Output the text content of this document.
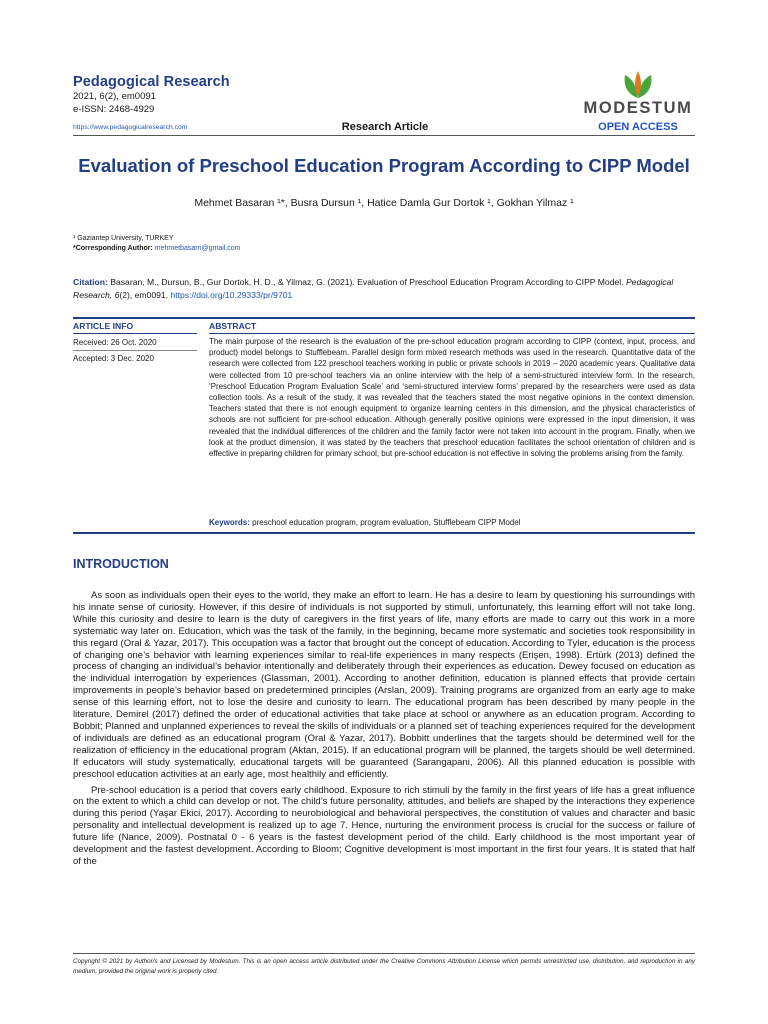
Pedagogical Research
2021, 6(2), em0091
e-ISSN: 2468-4929
https://www.pedagogicalresearch.com	Research Article
MODESTUM
OPEN ACCESS
Evaluation of Preschool Education Program According to CIPP Model
Mehmet Basaran ¹*, Busra Dursun ¹, Hatice Damla Gur Dortok ¹, Gokhan Yilmaz ¹
¹ Gaziantep University, TURKEY
*Corresponding Author: mehmetbasarn@gmail.com
Citation: Basaran, M., Dursun, B., Gur Dortok, H. D., & Yilmaz, G. (2021). Evaluation of Preschool Education Program According to CIPP Model. Pedagogical Research, 6(2), em0091. https://doi.org/10.29333/pr/9701
ARTICLE INFO	ABSTRACT
Received: 26 Oct. 2020
Accepted: 3 Dec. 2020
The main purpose of the research is the evaluation of the pre-school education program according to CIPP (context, input, process, and product) model belongs to Stufflebeam. Parallel design form mixed research methods was used in the research. Quantitative data of the research were collected from 122 preschool teachers working in public or private schools in 2019 – 2020 academic years. Qualitative data were collected from 10 pre-school teachers via an online interview with the help of a semi-structured interview form. In the research, ‘Preschool Education Program Evaluation Scale’ and ‘semi-structured interview forms’ prepared by the researchers were used as data collection tools. As a result of the study, it was revealed that the teachers stated the most negative opinions in the context dimension. Teachers stated that there is not enough equipment to organize learning centers in this dimension, and the physical characteristics of schools are not sufficient for pre-school education. Although generally positive opinions were expressed in the input dimension, it was revealed that the individual differences of the children and the family factor were not taken into account in the program. Finally, when we look at the product dimension, it was stated by the teachers that preschool education facilitates the school orientation of children and is effective in preparing children for primary school, but pre-school education is not effective in solving the problems arising from the family.
Keywords: preschool education program, program evaluation, Stufflebeam CIPP Model
INTRODUCTION

As soon as individuals open their eyes to the world, they make an effort to learn. He has a desire to learn by questioning his surroundings with his innate sense of curiosity. However, if this desire of individuals is not supported by stimuli, unfortunately, this learning effort will not take long. While this curiosity and desire to learn is the duty of caregivers in the first years of life, many efforts are made to carry out this work in a more systematic way later on. Education, which was the task of the family, in the beginning, became more systematic and societies took responsibility in this regard (Oral & Yazar, 2017). This occupation was a factor that brought out the concept of education. According to Tyler, education is the process of changing one’s behavior with learning experiences similar to real-life experiences in many respects (Erişen, 1998). Ertürk (2013) defined the process of changing an individual’s behavior intentionally and deliberately through their experiences as education. Dewey focused on education as the individual interrogation by experiences (Glassman, 2001). According to another definition, education is planned effects that provide certain improvements in people’s behavior based on predetermined principles (Arslan, 2009). Training programs are organized from an early age to make sense of this learning effort, not to lose the desire and curiosity to learn. The educational program has been described by many people in the literature. Demirel (2017) defined the order of educational activities that take place at school or anywhere as an education program. According to Bobbit; Planned and unplanned experiences to reveal the skills of individuals or a planned set of teaching experiences required for the development of individuals are defined as an educational program (Oral & Yazar, 2017). Bobbitt underlines that the targets should be determined well for the realization of efficiency in the educational program (Aktan, 2015). If an educational program will be planned, the targets should be well determined. If educators will study systematically, educational targets will be guaranteed (Sarangapani, 2006). All this planned education is possible with preschool education activities at an early age, most healthily and efficiently.

Pre-school education is a period that covers early childhood. Exposure to rich stimuli by the family in the first years of life has a great influence on the extent to which a child can develop or not. The child’s future personality, attitudes, and beliefs are shaped by the interactions they experience during this period (Yaşar Ekici, 2017). According to neurobiological and behavioral perspectives, the constitution of values and character and basic personality and intellectual development is realized up to age 7. Hence, nurturing the environment process is crucial for the success or failure of future life (Nance, 2009). Postnatal 0 - 6 years is the fastest development period of the child. Early childhood is the most important year of development and the fastest development. According to Bloom; Cognitive development is most important in the first four years. It is stated that half of the

Copyright © 2021 by Author/s and Licensed by Modestum. This is an open access article distributed under the Creative Commons Attribution License which permits unrestricted use, distribution, and reproduction in any medium, provided the original work is properly cited.
